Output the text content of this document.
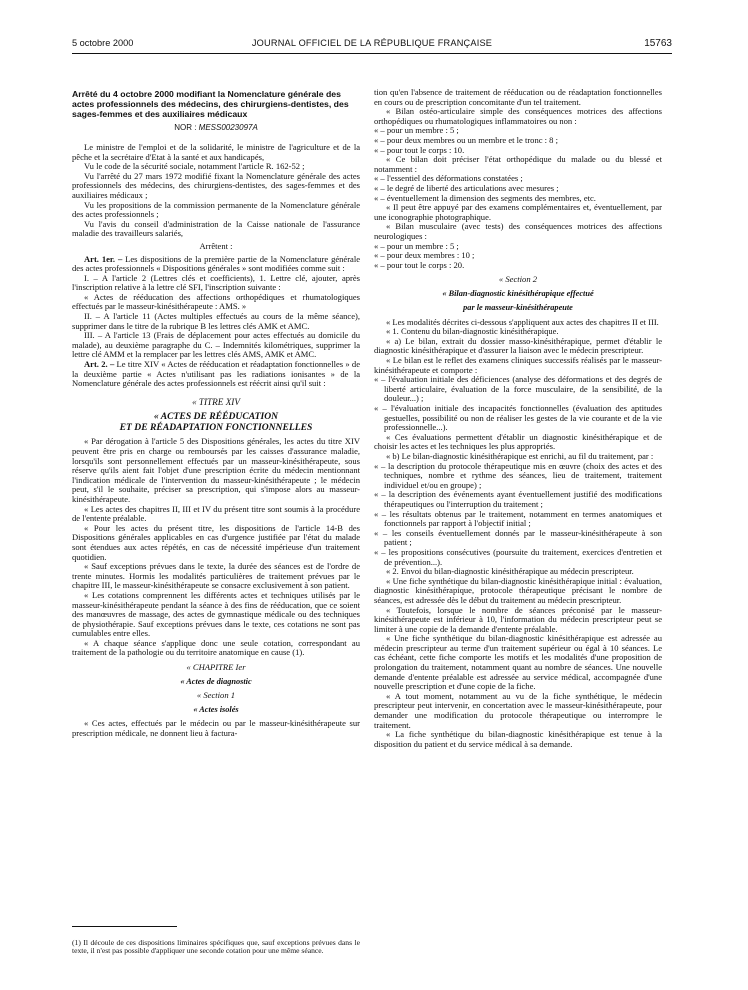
5 octobre 2000	JOURNAL OFFICIEL DE LA RÉPUBLIQUE FRANÇAISE	15763

Arrêté du 4 octobre 2000 modifiant la Nomenclature générale des actes professionnels des médecins, des chirurgiens-dentistes, des sages-femmes et des auxiliaires médicaux

NOR : MESS0023097A

Le ministre de l'emploi et de la solidarité, le ministre de l'agriculture et de la pêche et la secrétaire d'Etat à la santé et aux handicapés,

Vu le code de la sécurité sociale, notamment l'article R. 162-52 ;

Vu l'arrêté du 27 mars 1972 modifié fixant la Nomenclature générale des actes professionnels des médecins, des chirurgiens-dentistes, des sages-femmes et des auxiliaires médicaux ;

Vu les propositions de la commission permanente de la Nomenclature générale des actes professionnels ;

Vu l'avis du conseil d'administration de la Caisse nationale de l'assurance maladie des travailleurs salariés,

Arrêtent :

Art. 1er. – Les dispositions de la première partie de la Nomenclature générale des actes professionnels « Dispositions générales » sont modifiées comme suit :

I. – A l'article 2 (Lettres clés et coefficients), 1. Lettre clé, ajouter, après l'inscription relative à la lettre clé SFI, l'inscription suivante :

« Actes de rééducation des affections orthopédiques et rhumatologiques effectués par le masseur-kinésithérapeute : AMS. »

II. – A l'article 11 (Actes multiples effectués au cours de la même séance), supprimer dans le titre de la rubrique B les lettres clés AMK et AMC.

III. – A l'article 13 (Frais de déplacement pour actes effectués au domicile du malade), au deuxième paragraphe du C. – Indemnités kilométriques, supprimer la lettre clé AMM et la remplacer par les lettres clés AMS, AMK et AMC.

Art. 2. – Le titre XIV « Actes de rééducation et réadaptation fonctionnelles » de la deuxième partie « Actes n'utilisant pas les radiations ionisantes » de la Nomenclature générale des actes professionnels est réécrit ainsi qu'il suit :

« TITRE XIV

« ACTES DE RÉÉDUCATION

ET DE RÉADAPTATION FONCTIONNELLES

« Par dérogation à l'article 5 des Dispositions générales, les actes du titre XIV peuvent être pris en charge ou remboursés par les caisses d'assurance maladie, lorsqu'ils sont personnellement effectués par un masseur-kinésithérapeute, sous réserve qu'ils aient fait l'objet d'une prescription écrite du médecin mentionnant l'indication médicale de l'intervention du masseur-kinésithérapeute ; le médecin peut, s'il le souhaite, préciser sa prescription, qui s'impose alors au masseur-kinésithérapeute.

« Les actes des chapitres II, III et IV du présent titre sont soumis à la procédure de l'entente préalable.

« Pour les actes du présent titre, les dispositions de l'article 14-B des Dispositions générales applicables en cas d'urgence justifiée par l'état du malade sont étendues aux actes répétés, en cas de nécessité impérieuse d'un traitement quotidien.

« Sauf exceptions prévues dans le texte, la durée des séances est de l'ordre de trente minutes. Hormis les modalités particulières de traitement prévues par le chapitre III, le masseur-kinésithérapeute se consacre exclusivement à son patient.

« Les cotations comprennent les différents actes et techniques utilisés par le masseur-kinésithérapeute pendant la séance à des fins de rééducation, que ce soient des manœuvres de massage, des actes de gymnastique médicale ou des techniques de physiothérapie. Sauf exceptions prévues dans le texte, ces cotations ne sont pas cumulables entre elles.

« A chaque séance s'applique donc une seule cotation, correspondant au traitement de la pathologie ou du territoire anatomique en cause (1).

« CHAPITRE Ier

« Actes de diagnostic

« Section 1

« Actes isolés

« Ces actes, effectués par le médecin ou par le masseur-kinésithérapeute sur prescription médicale, ne donnent lieu à factura-

(1) Il découle de ces dispositions liminaires spécifiques que, sauf exceptions prévues dans le texte, il n'est pas possible d'appliquer une seconde cotation pour une même séance.

tion qu'en l'absence de traitement de rééducation ou de réadaptation fonctionnelles en cours ou de prescription concomitante d'un tel traitement.

« Bilan ostéo-articulaire simple des conséquences motrices des affections orthopédiques ou rhumatologiques inflammatoires ou non :

« – pour un membre : 5 ;

« – pour deux membres ou un membre et le tronc : 8 ;

« – pour tout le corps : 10.

« Ce bilan doit préciser l'état orthopédique du malade ou du blessé et notamment :

« – l'essentiel des déformations constatées ;

« – le degré de liberté des articulations avec mesures ;

« – éventuellement la dimension des segments des membres, etc.

« Il peut être appuyé par des examens complémentaires et, éventuellement, par une iconographie photographique.

« Bilan musculaire (avec tests) des conséquences motrices des affections neurologiques :

« – pour un membre : 5 ;

« – pour deux membres : 10 ;

« – pour tout le corps : 20.

« Section 2

« Bilan-diagnostic kinésithérapique effectué

par le masseur-kinésithérapeute

« Les modalités décrites ci-dessous s'appliquent aux actes des chapitres II et III.

« 1. Contenu du bilan-diagnostic kinésithérapique.

« a) Le bilan, extrait du dossier masso-kinésithérapique, permet d'établir le diagnostic kinésithérapique et d'assurer la liaison avec le médecin prescripteur.

« Le bilan est le reflet des examens cliniques successifs réalisés par le masseur-kinésithérapeute et comporte :

« – l'évaluation initiale des déficiences (analyse des déformations et des degrés de liberté articulaire, évaluation de la force musculaire, de la sensibilité, de la douleur...) ;

« – l'évaluation initiale des incapacités fonctionnelles (évaluation des aptitudes gestuelles, possibilité ou non de réaliser les gestes de la vie courante et de la vie professionnelle...).

« Ces évaluations permettent d'établir un diagnostic kinésithérapique et de choisir les actes et les techniques les plus appropriés.

« b) Le bilan-diagnostic kinésithérapique est enrichi, au fil du traitement, par :

« – la description du protocole thérapeutique mis en œuvre (choix des actes et des techniques, nombre et rythme des séances, lieu de traitement, traitement individuel et/ou en groupe) ;

« – la description des événements ayant éventuellement justifié des modifications thérapeutiques ou l'interruption du traitement ;

« – les résultats obtenus par le traitement, notamment en termes anatomiques et fonctionnels par rapport à l'objectif initial ;

« – les conseils éventuellement donnés par le masseur-kinésithérapeute à son patient ;

« – les propositions consécutives (poursuite du traitement, exercices d'entretien et de prévention...).

« 2. Envoi du bilan-diagnostic kinésithérapique au médecin prescripteur.

« Une fiche synthétique du bilan-diagnostic kinésithérapique initial : évaluation, diagnostic kinésithérapique, protocole thérapeutique précisant le nombre de séances, est adressée dès le début du traitement au médecin prescripteur.

« Toutefois, lorsque le nombre de séances préconisé par le masseur-kinésithérapeute est inférieur à 10, l'information du médecin prescripteur peut se limiter à une copie de la demande d'entente préalable.

« Une fiche synthétique du bilan-diagnostic kinésithérapique est adressée au médecin prescripteur au terme d'un traitement supérieur ou égal à 10 séances. Le cas échéant, cette fiche comporte les motifs et les modalités d'une proposition de prolongation du traitement, notamment quant au nombre de séances. Une nouvelle demande d'entente préalable est adressée au service médical, accompagnée d'une nouvelle prescription et d'une copie de la fiche.

« A tout moment, notamment au vu de la fiche synthétique, le médecin prescripteur peut intervenir, en concertation avec le masseur-kinésithérapeute, pour demander une modification du protocole thérapeutique ou interrompre le traitement.

« La fiche synthétique du bilan-diagnostic kinésithérapique est tenue à la disposition du patient et du service médical à sa demande.
